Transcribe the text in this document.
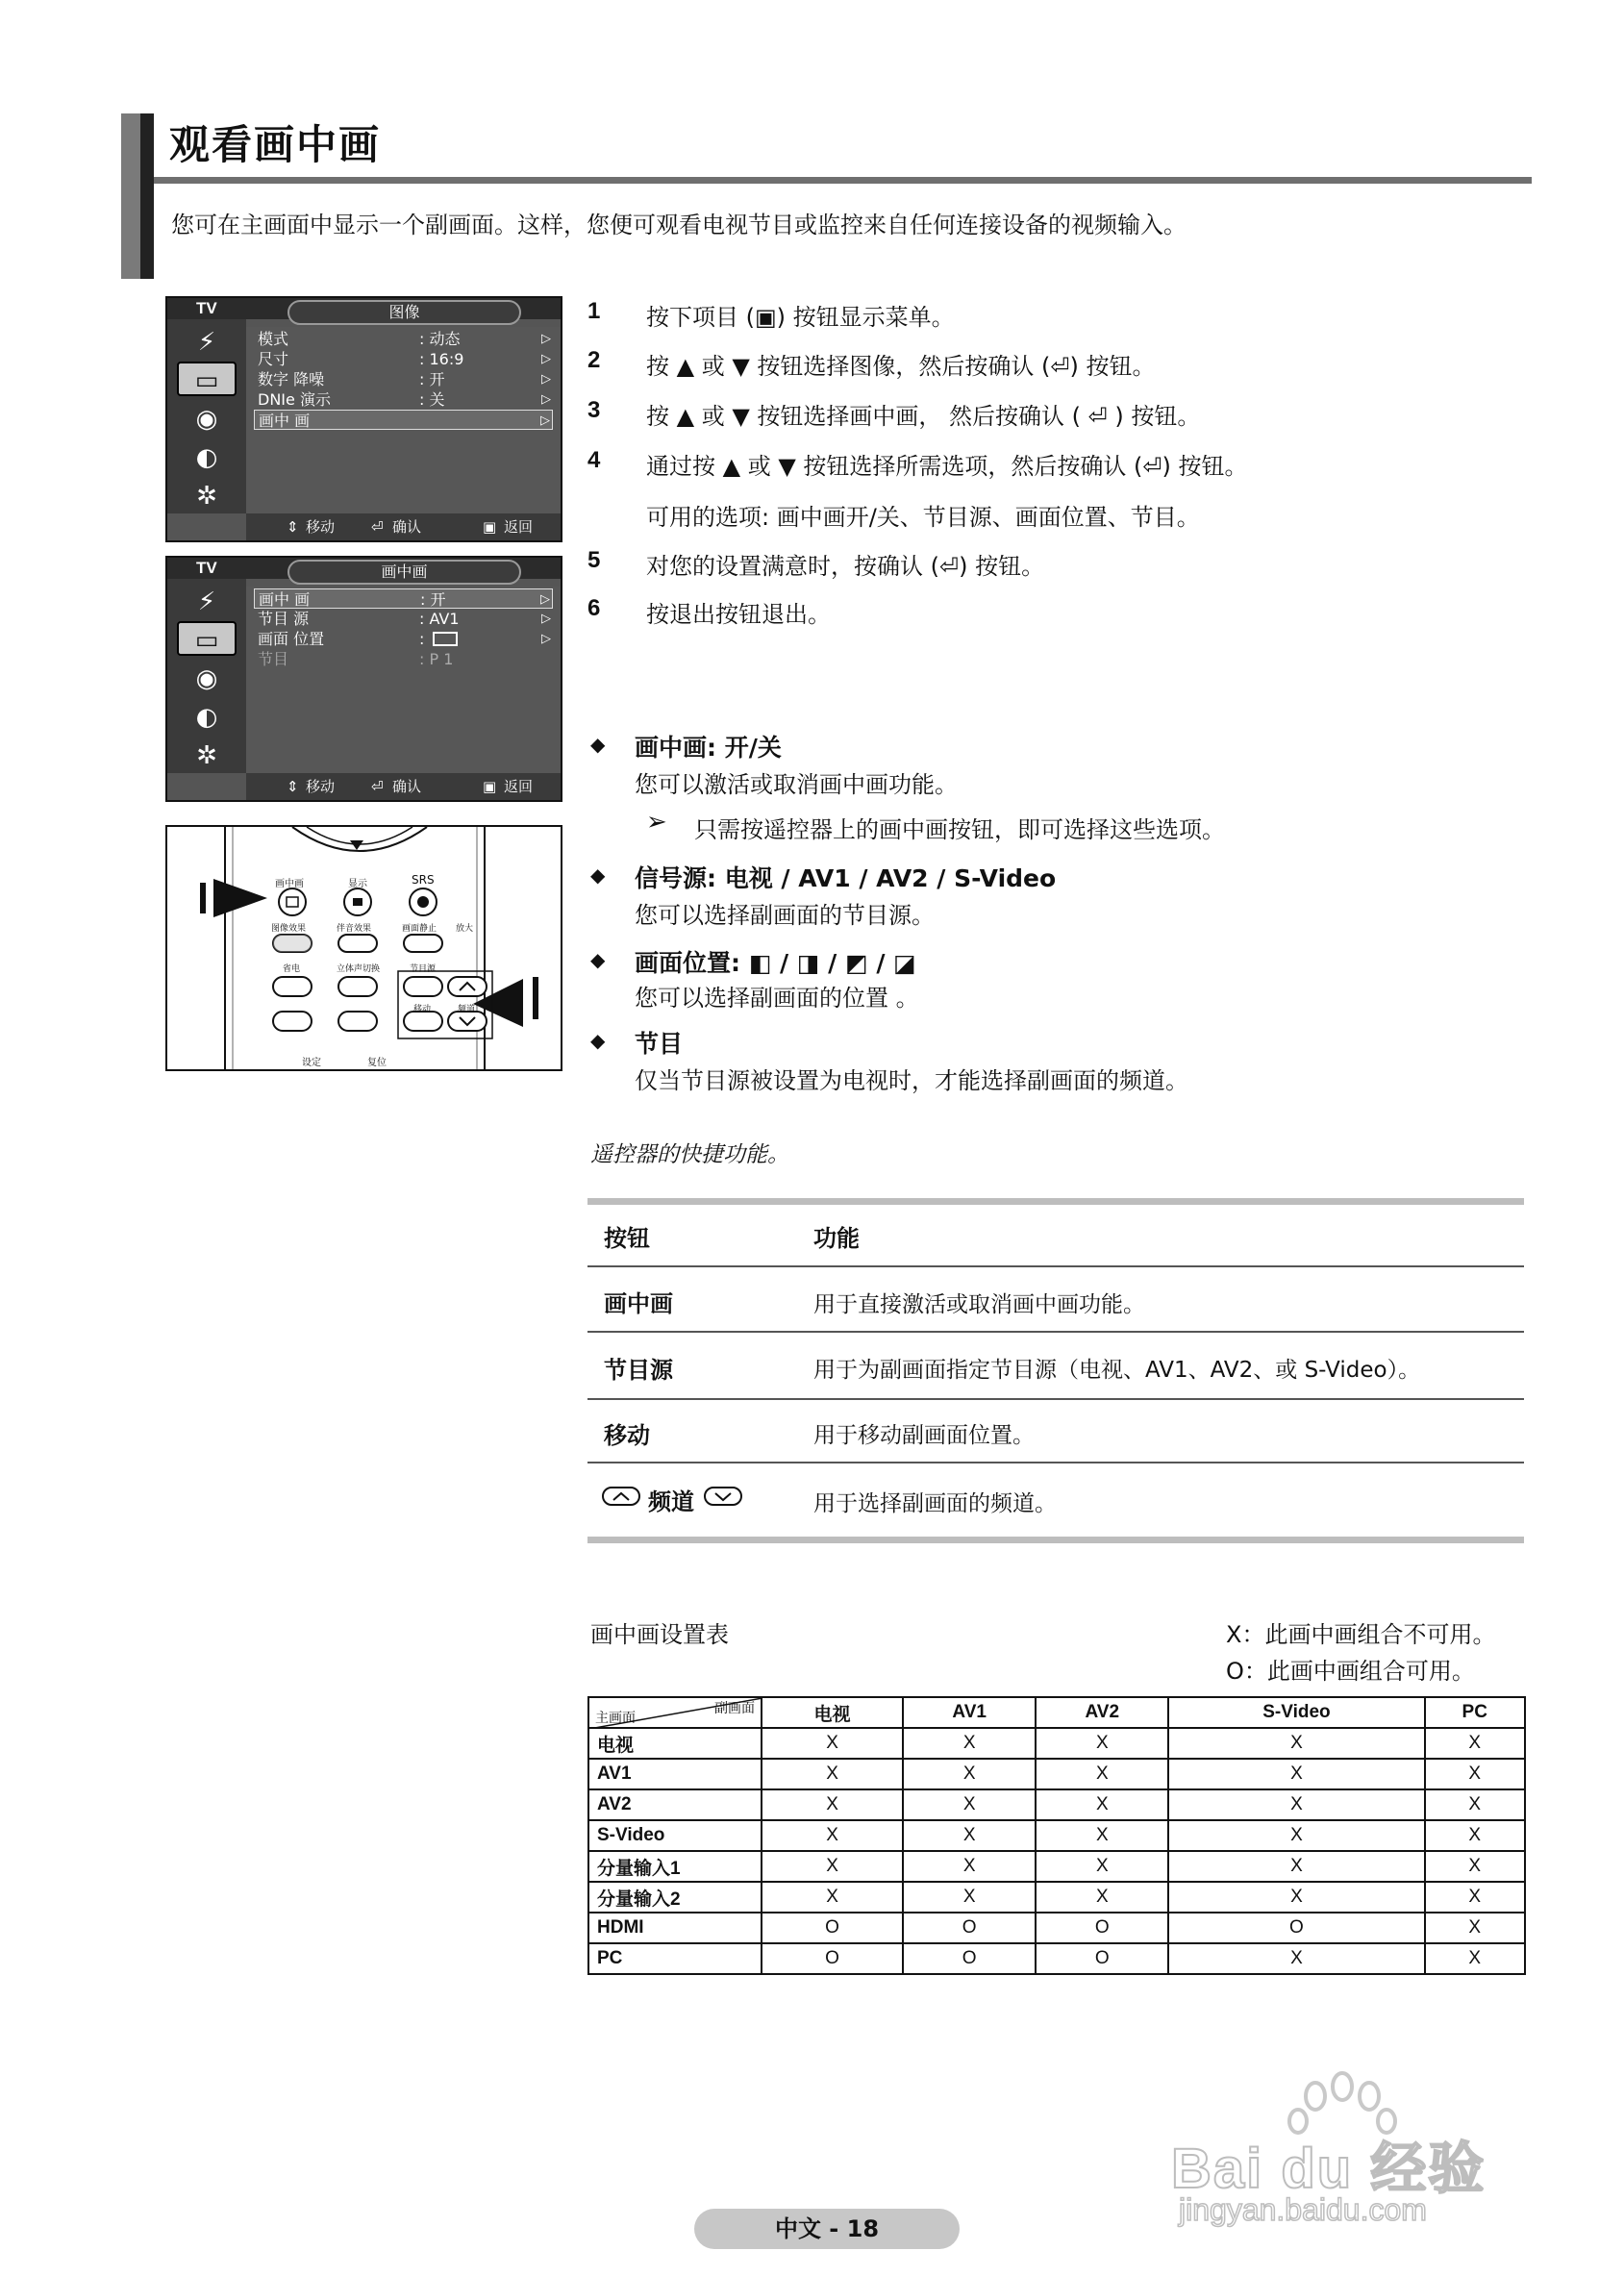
观看画中画
您可在主画面中显示一个副画面。这样，您便可观看电视节目或监控来自任何连接设备的视频输入。
TV	图像
⚡
▭
◉
◐
✲
模式	: 动态	▷
尺寸	: 16:9	▷
数字 降噪	: 开	▷
DNIe 演示	: 关	▷
画中 画	▷
⇕ 移动	⏎ 确认	▣ 返回
TV	画中画
⚡
▭
◉
◐
✲
画中 画	: 开	▷
节目 源	: AV1	▷
画面 位置	:	▷
节目	: P 1
⇕ 移动	⏎ 确认	▣ 返回
画中画	显示	SRS
图像效果	伴音效果	画面静止 放大
省电	立体声切换	节目源
移动	频道
设定	复位
1 按下项目 (▣) 按钮显示菜单。
2 按 ▲ 或 ▼ 按钮选择图像，然后按确认 (⏎) 按钮。
3 按 ▲ 或 ▼ 按钮选择画中画， 然后按确认 ( ⏎ ) 按钮。
4 通过按 ▲ 或 ▼ 按钮选择所需选项，然后按确认 (⏎) 按钮。
可用的选项: 画中画开/关、节目源、画面位置、节目。
5 对您的设置满意时，按确认 (⏎) 按钮。
6 按退出按钮退出。
◆ 画中画: 开/关
您可以激活或取消画中画功能。
➢ 只需按遥控器上的画中画按钮，即可选择这些选项。
◆ 信号源: 电视 / AV1 / AV2 / S-Video
您可以选择副画面的节目源。
◆ 画面位置: ◧ / ◨ / ◩ / ◪
您可以选择副画面的位置 。
◆ 节目
仅当节目源被设置为电视时，才能选择副画面的频道。
遥控器的快捷功能。
按钮	功能
画中画	用于直接激活或取消画中画功能。
节目源	用于为副画面指定节目源（电视、AV1、AV2、或 S-Video）。
移动	用于移动副画面位置。
频道	用于选择副画面的频道。
画中画设置表	X：此画中画组合不可用。
O：此画中画组合可用。
副画面
主画面	电视	AV1	AV2	S-Video	PC
电视	X	X	X	X	X
AV1	X	X	X	X	X
AV2	X	X	X	X	X
S-Video	X	X	X	X	X
分量输入1	X	X	X	X	X
分量输入2	X	X	X	X	X
HDMI	O	O	O	O	X
PC	O	O	O	X	X
Bai du 经验
jingyan.baidu.com
中文 - 18
